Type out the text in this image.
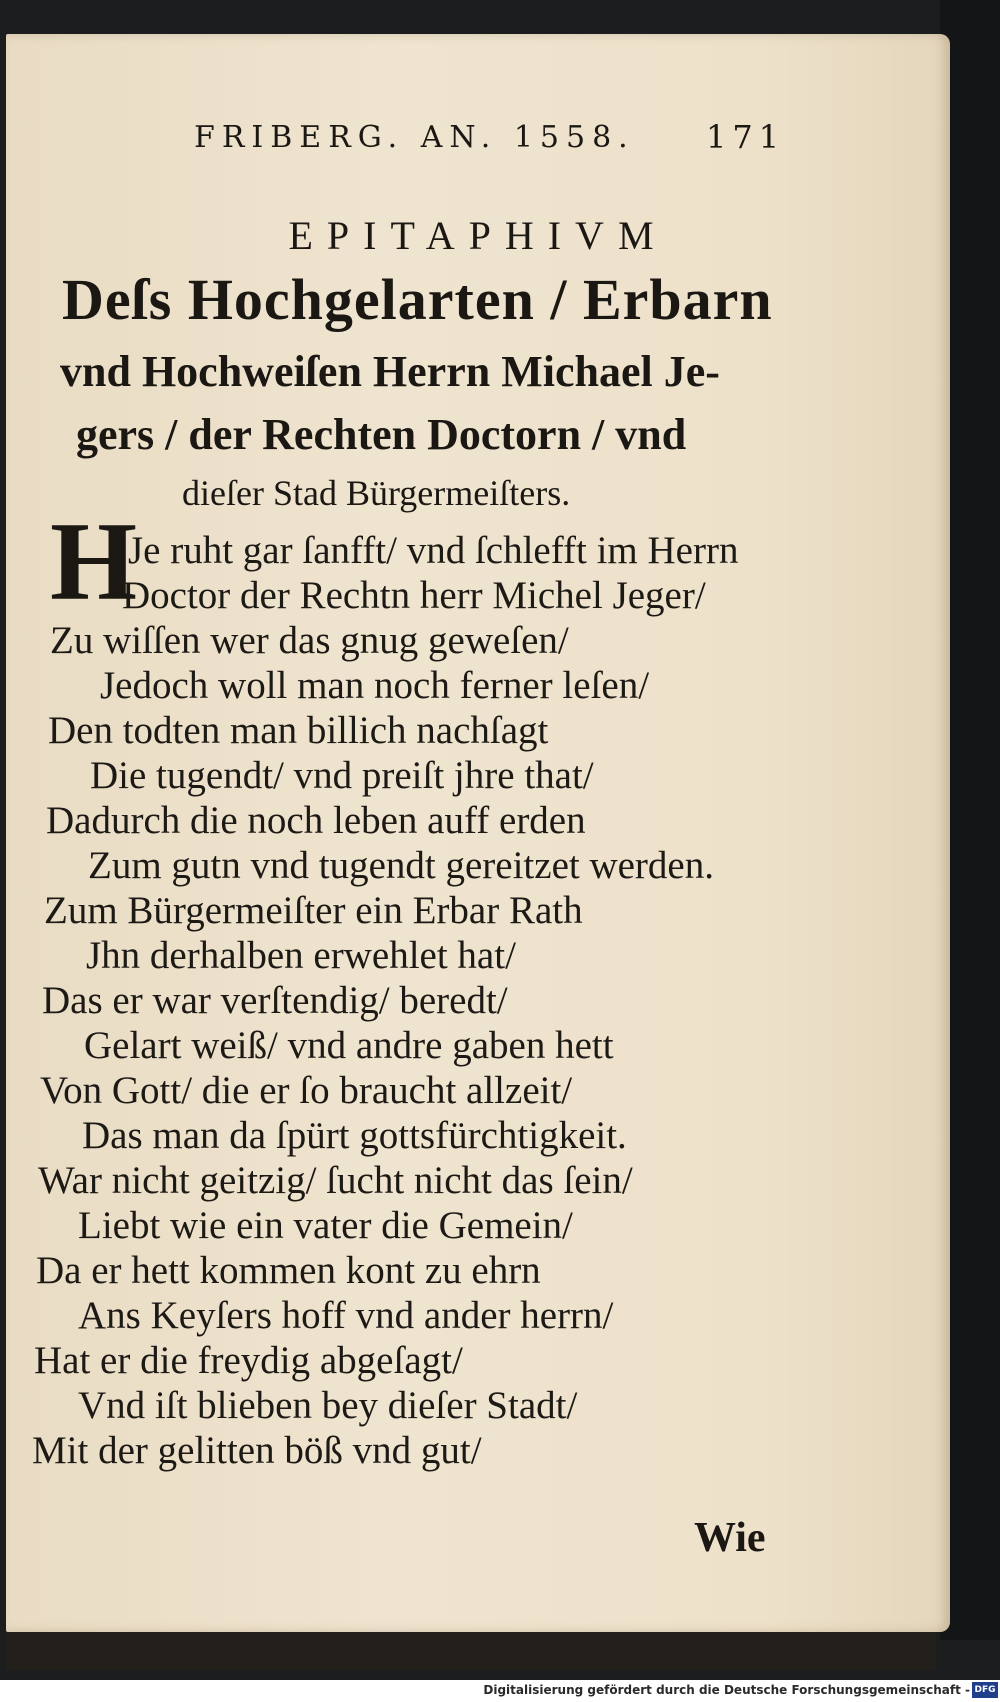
FRIBERG. AN. 1558. 171
EPITAPHIVM
Deſs Hochgelarten / Erbarn
vnd Hochweiſen Herrn Michael Je-
gers / der Rechten Doctorn / vnd
dieſer Stad Bürgermeiſters.
H
Je ruht gar ſanfft/ vnd ſchlefft im Herrn
Doctor der Rechtn herr Michel Jeger/
Zu wiſſen wer das gnug geweſen/
Jedoch woll man noch ferner leſen/
Den todten man billich nachſagt
Die tugendt/ vnd preiſt jhre that/
Dadurch die noch leben auff erden
Zum gutn vnd tugendt gereitzet werden.
Zum Bürgermeiſter ein Erbar Rath
Jhn derhalben erwehlet hat/
Das er war verſtendig/ beredt/
Gelart weiß/ vnd andre gaben hett
Von Gott/ die er ſo braucht allzeit/
Das man da ſpürt gottsfürchtigkeit.
War nicht geitzig/ ſucht nicht das ſein/
Liebt wie ein vater die Gemein/
Da er hett kommen kont zu ehrn
Ans Keyſers hoff vnd ander herrn/
Hat er die freydig abgeſagt/
Vnd iſt blieben bey dieſer Stadt/
Mit der gelitten böß vnd gut/
Wie
Digitalisierung gefördert durch die Deutsche Forschungsgemeinschaft - DFG
